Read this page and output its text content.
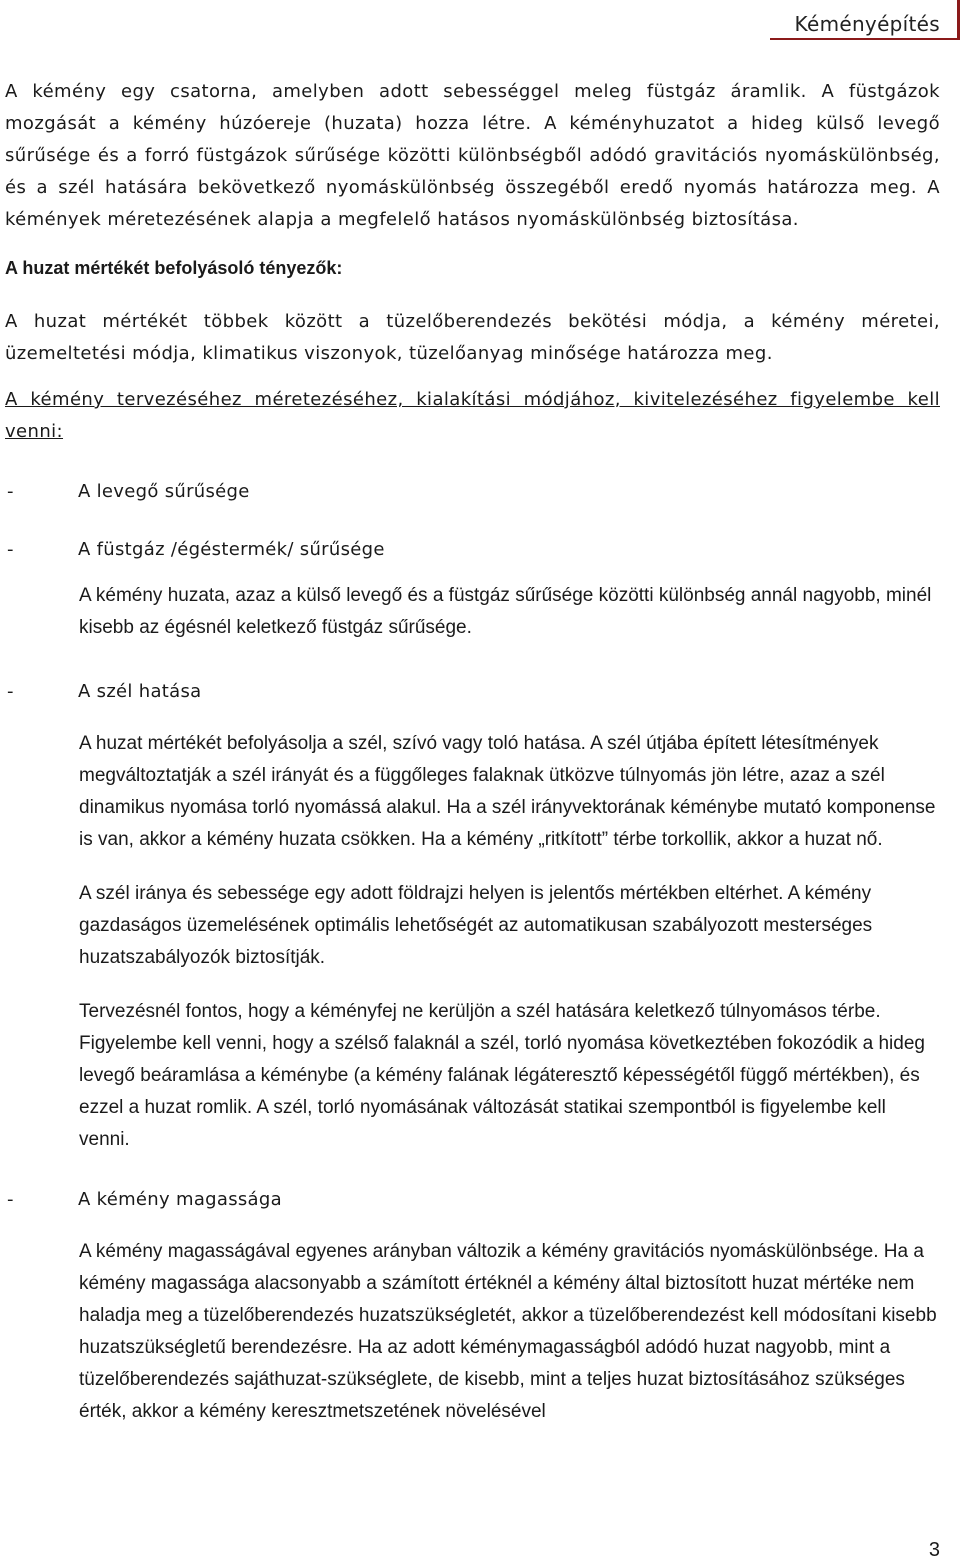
Kéményépítés

A kémény egy csatorna, amelyben adott sebességgel meleg füstgáz áramlik. A füstgázok mozgását a kémény húzóereje (huzata) hozza létre. A kéményhuzatot a hideg külső levegő sűrűsége és a forró füstgázok sűrűsége közötti különbségből adódó gravitációs nyomáskülönbség, és a szél hatására bekövetkező nyomáskülönbség összegéből eredő nyomás határozza meg. A kémények méretezésének alapja a megfelelő hatásos nyomáskülönbség biztosítása.

A huzat mértékét befolyásoló tényezők:

A huzat mértékét többek között a tüzelőberendezés bekötési módja, a kémény méretei, üzemeltetési módja, klimatikus viszonyok, tüzelőanyag minősége határozza meg.

A kémény tervezéséhez méretezéséhez, kialakítási módjához, kivitelezéséhez figyelembe kell venni:

-	A levegő sűrűsége
-	A füstgáz /égéstermék/ sűrűsége

A kémény huzata, azaz a külső levegő és a füstgáz sűrűsége közötti különbség annál nagyobb, minél kisebb az égésnél keletkező füstgáz sűrűsége.

-	A szél hatása

A huzat mértékét befolyásolja a szél, szívó vagy toló hatása. A szél útjába épített létesítmények megváltoztatják a szél irányát és a függőleges falaknak ütközve túlnyomás jön létre, azaz a szél dinamikus nyomása torló nyomássá alakul. Ha a szél irányvektorának kéménybe mutató komponense is van, akkor a kémény huzata csökken. Ha a kémény „ritkított” térbe torkollik, akkor a huzat nő.

A szél iránya és sebessége egy adott földrajzi helyen is jelentős mértékben eltérhet. A kémény gazdaságos üzemelésének optimális lehetőségét az automatikusan szabályozott mesterséges huzatszabályozók biztosítják.

Tervezésnél fontos, hogy a kéményfej ne kerüljön a szél hatására keletkező túlnyomásos térbe. Figyelembe kell venni, hogy a szélső falaknál a szél, torló nyomása következtében fokozódik a hideg levegő beáramlása a kéménybe (a kémény falának légáteresztő képességétől függő mértékben), és ezzel a huzat romlik. A szél, torló nyomásának változását statikai szempontból is figyelembe kell venni.

-	A kémény magassága

A kémény magasságával egyenes arányban változik a kémény gravitációs nyomáskülönbsége. Ha a kémény magassága alacsonyabb a számított értéknél a kémény által biztosított huzat mértéke nem haladja meg a tüzelőberendezés huzatszükségletét, akkor a tüzelőberendezést kell módosítani kisebb huzatszükségletű berendezésre. Ha az adott kéménymagasságból adódó huzat nagyobb, mint a tüzelőberendezés sajáthuzat-szükséglete, de kisebb, mint a teljes huzat biztosításához szükséges érték, akkor a kémény keresztmetszetének növelésével

3
